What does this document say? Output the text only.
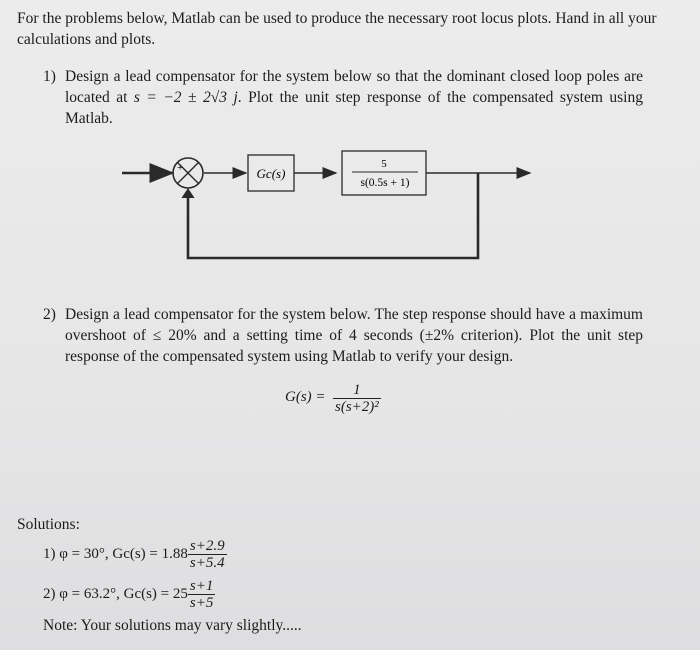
For the problems below, Matlab can be used to produce the necessary root locus plots. Hand in all your calculations and plots.
1) Design a lead compensator for the system below so that the dominant closed loop poles are located at s = −2 ± 2√3 j. Plot the unit step response of the compensated system using Matlab.
+	Gc(s)
5
s(0.5s + 1)
2) Design a lead compensator for the system below. The step response should have a maximum overshoot of ≤ 20% and a setting time of 4 seconds (±2% criterion). Plot the unit step response of the compensated system using Matlab to verify your design.
$G(s) = \frac{1}{\text{s(s+2)²}}$
Solutions:
1) φ = 30°, $Gc(s) = 1.88 \frac{s+2.9}{s+5.4}$
2) φ = 63.2°, $Gc(s) = 25 \frac{s+1}{s+5}$
Note: Your solutions may vary slightly.....
